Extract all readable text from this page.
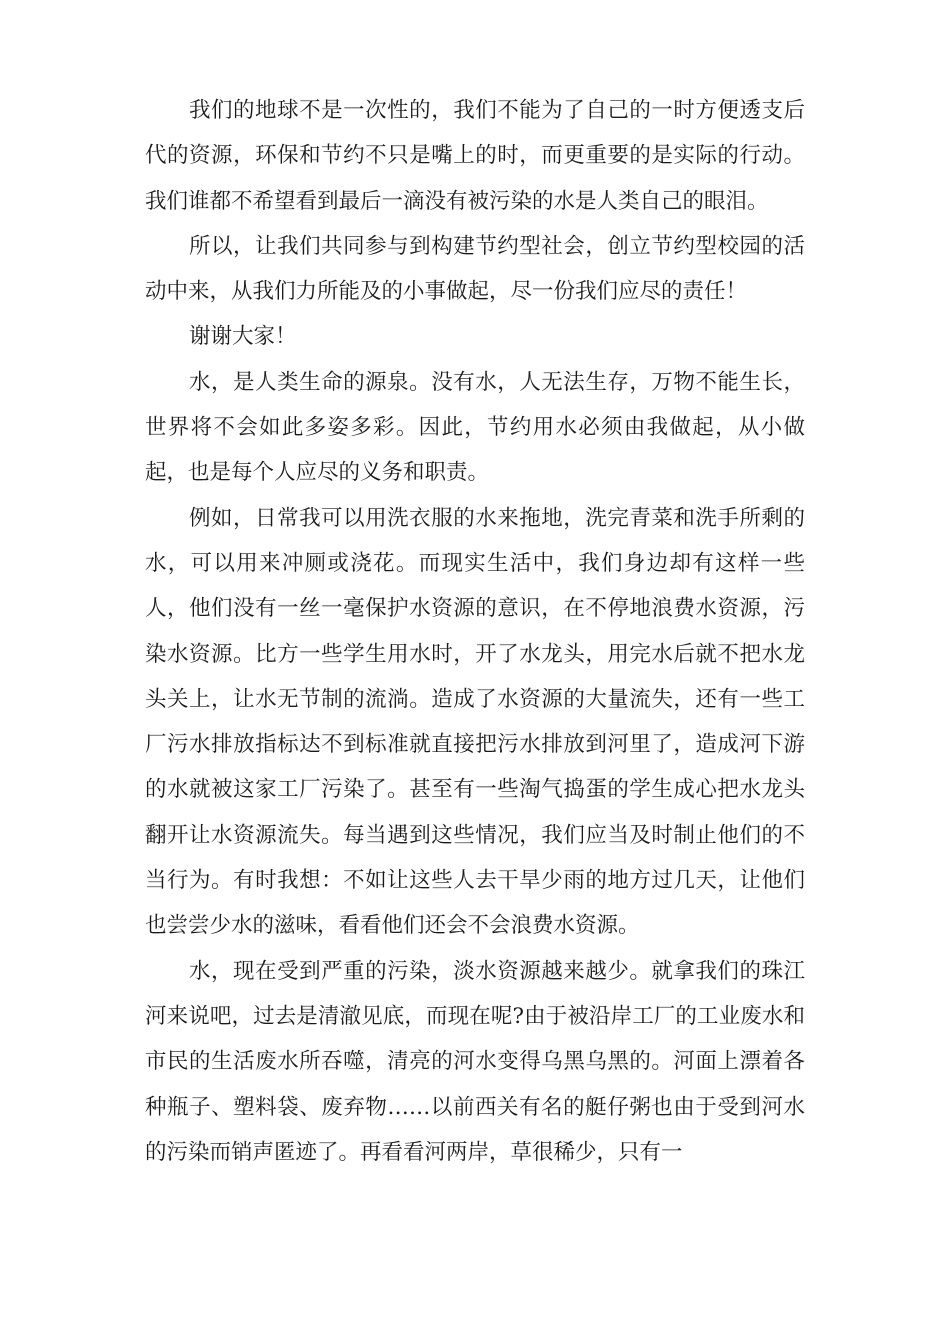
我们的地球不是一次性的，我们不能为了自己的一时方便透支后代的资源，环保和节约不只是嘴上的时，而更重要的是实际的行动。我们谁都不希望看到最后一滴没有被污染的水是人类自己的眼泪。

所以，让我们共同参与到构建节约型社会，创立节约型校园的活动中来，从我们力所能及的小事做起，尽一份我们应尽的责任！

谢谢大家！

水，是人类生命的源泉。没有水，人无法生存，万物不能生长，世界将不会如此多姿多彩。因此，节约用水必须由我做起，从小做起，也是每个人应尽的义务和职责。

例如，日常我可以用洗衣服的水来拖地，洗完青菜和洗手所剩的水，可以用来冲厕或浇花。而现实生活中，我们身边却有这样一些人，他们没有一丝一毫保护水资源的意识，在不停地浪费水资源，污染水资源。比方一些学生用水时，开了水龙头，用完水后就不把水龙头关上，让水无节制的流淌。造成了水资源的大量流失，还有一些工厂污水排放指标达不到标准就直接把污水排放到河里了，造成河下游的水就被这家工厂污染了。甚至有一些淘气捣蛋的学生成心把水龙头翻开让水资源流失。每当遇到这些情况，我们应当及时制止他们的不当行为。有时我想：不如让这些人去干旱少雨的地方过几天，让他们也尝尝少水的滋味，看看他们还会不会浪费水资源。

水，现在受到严重的污染，淡水资源越来越少。就拿我们的珠江河来说吧，过去是清澈见底，而现在呢?由于被沿岸工厂的工业废水和市民的生活废水所吞噬，清亮的河水变得乌黑乌黑的。河面上漂着各种瓶子、塑料袋、废弃物……以前西关有名的艇仔粥也由于受到河水的污染而销声匿迹了。再看看河两岸，草很稀少，只有一
